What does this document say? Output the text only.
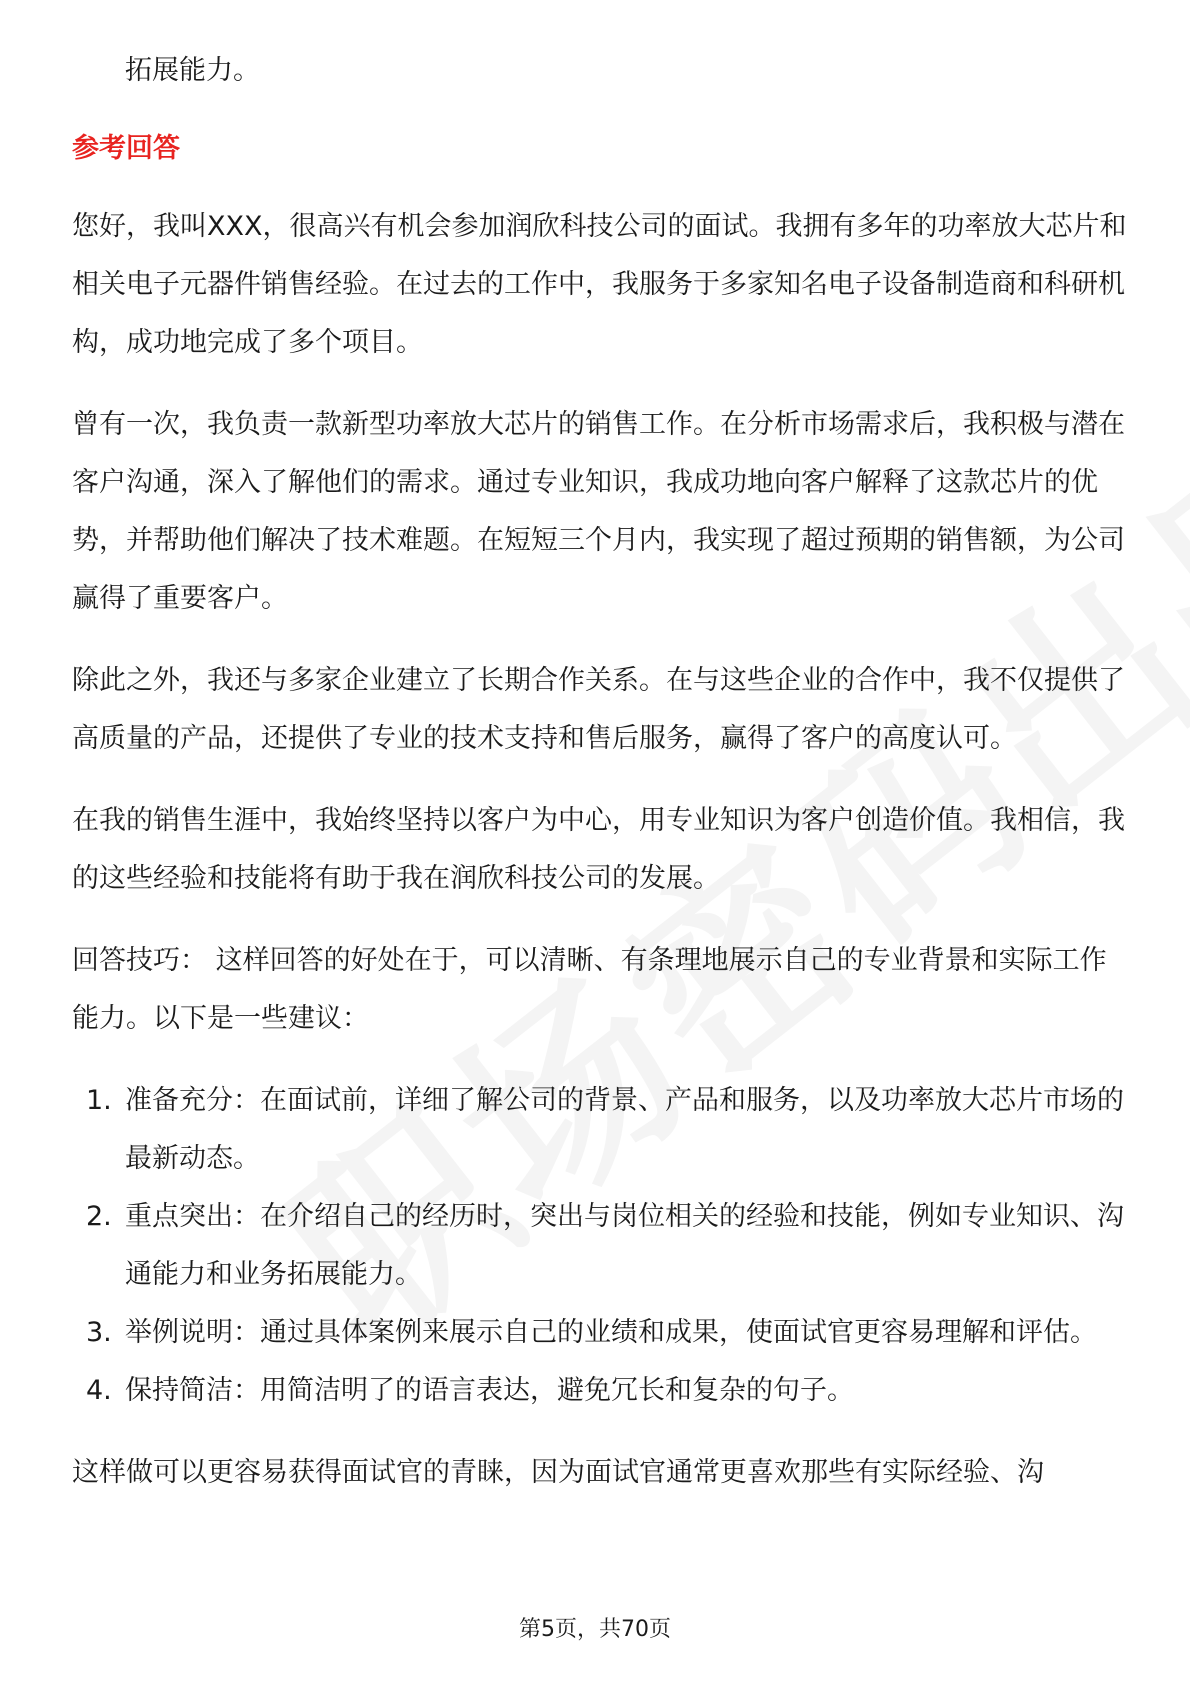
拓展能力。

参考回答

您好，我叫XXX，很高兴有机会参加润欣科技公司的面试。我拥有多年的功率放大芯片和相关电子元器件销售经验。在过去的工作中，我服务于多家知名电子设备制造商和科研机构，成功地完成了多个项目。

曾有一次，我负责一款新型功率放大芯片的销售工作。在分析市场需求后，我积极与潜在客户沟通，深入了解他们的需求。通过专业知识，我成功地向客户解释了这款芯片的优势，并帮助他们解决了技术难题。在短短三个月内，我实现了超过预期的销售额，为公司赢得了重要客户。

除此之外，我还与多家企业建立了长期合作关系。在与这些企业的合作中，我不仅提供了高质量的产品，还提供了专业的技术支持和售后服务，赢得了客户的高度认可。

在我的销售生涯中，我始终坚持以客户为中心，用专业知识为客户创造价值。我相信，我的这些经验和技能将有助于我在润欣科技公司的发展。

回答技巧： 这样回答的好处在于，可以清晰、有条理地展示自己的专业背景和实际工作能力。以下是一些建议：

1. 准备充分：在面试前，详细了解公司的背景、产品和服务，以及功率放大芯片市场的最新动态。
2. 重点突出：在介绍自己的经历时，突出与岗位相关的经验和技能，例如专业知识、沟通能力和业务拓展能力。
3. 举例说明：通过具体案例来展示自己的业绩和成果，使面试官更容易理解和评估。
4. 保持简洁：用简洁明了的语言表达，避免冗长和复杂的句子。

这样做可以更容易获得面试官的青睐，因为面试官通常更喜欢那些有实际经验、沟

第5页，共70页
